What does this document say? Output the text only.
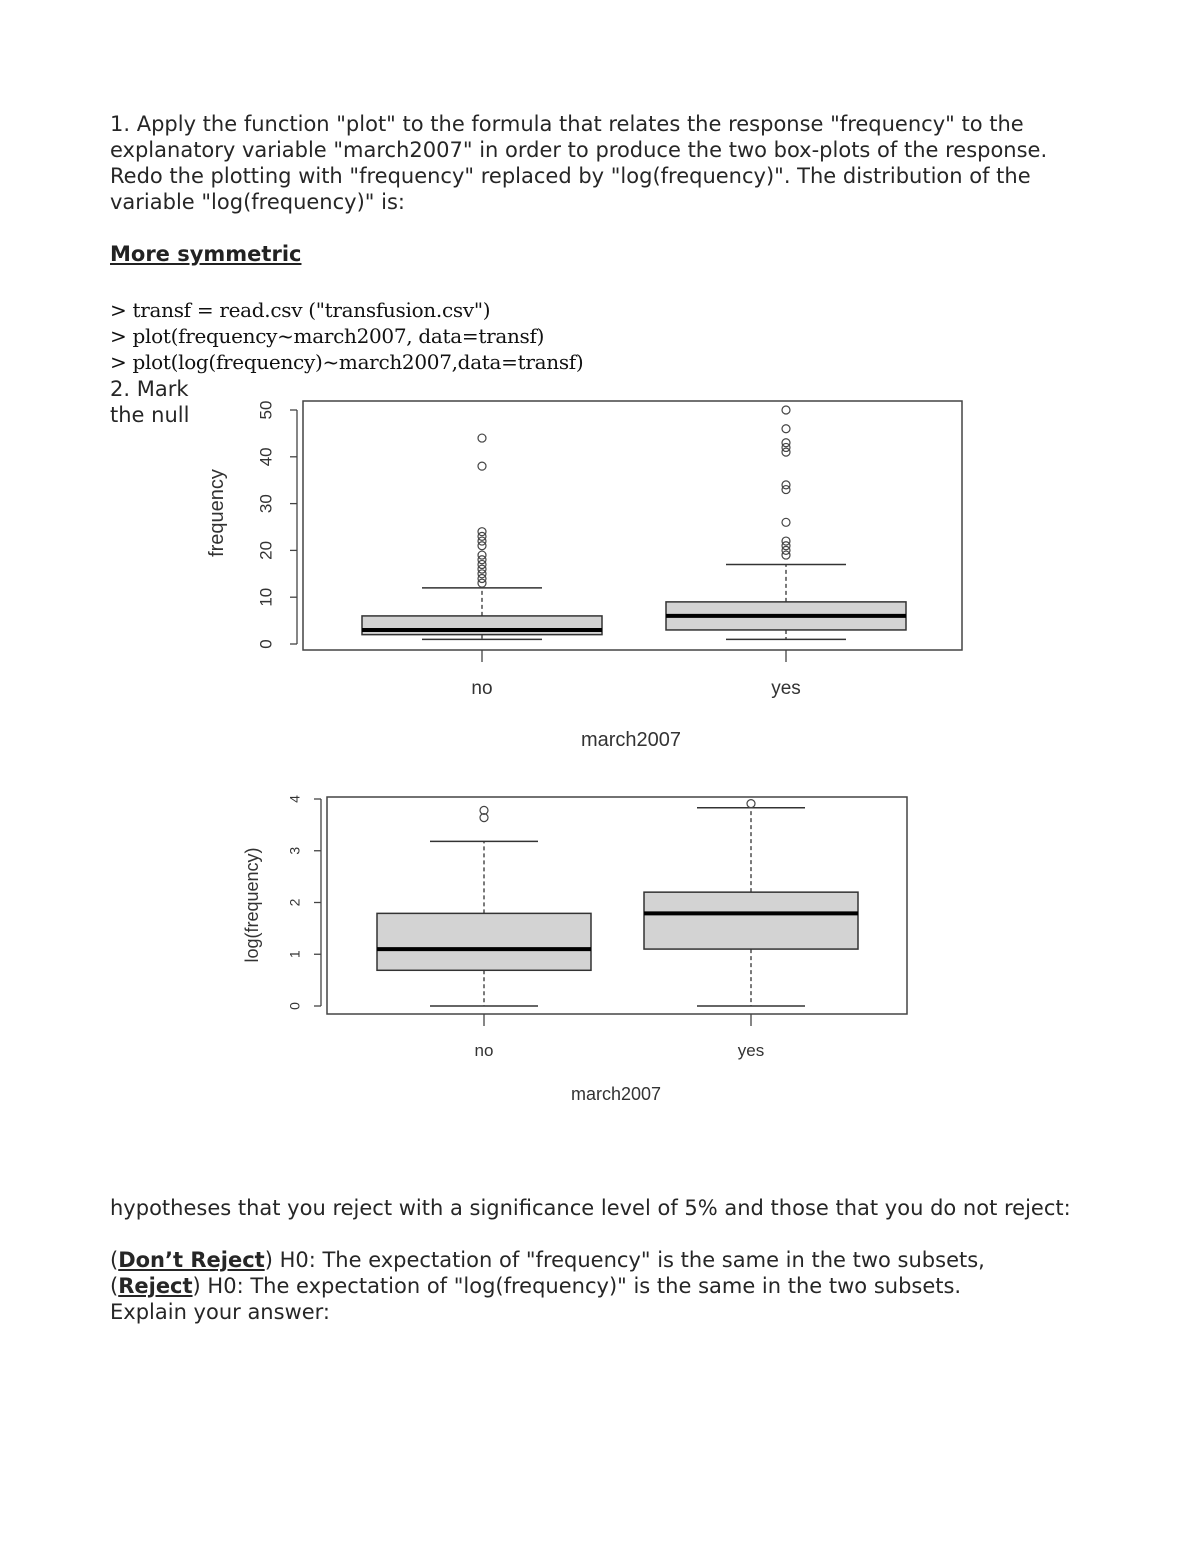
1. Apply the function "plot" to the formula that relates the response "frequency" to the explanatory variable "march2007" in order to produce the two box-plots of the response. Redo the plotting with "frequency" replaced by "log(frequency)". The distribution of the variable "log(frequency)" is:

More symmetric

> transf = read.csv ("transfusion.csv")

> plot(frequency~march2007, data=transf)

> plot(log(frequency)~march2007,data=transf)

2. Mark

the null

0
10
20
30
40
50
frequency
march2007
no	yes
0
1
2
3
4
log(frequency)
march2007
no	yes

hypotheses that you reject with a significance level of 5% and those that you do not reject:

(Don’t Reject) H0: The expectation of "frequency" is the same in the two subsets,

(Reject) H0: The expectation of "log(frequency)" is the same in the two subsets.

Explain your answer:
